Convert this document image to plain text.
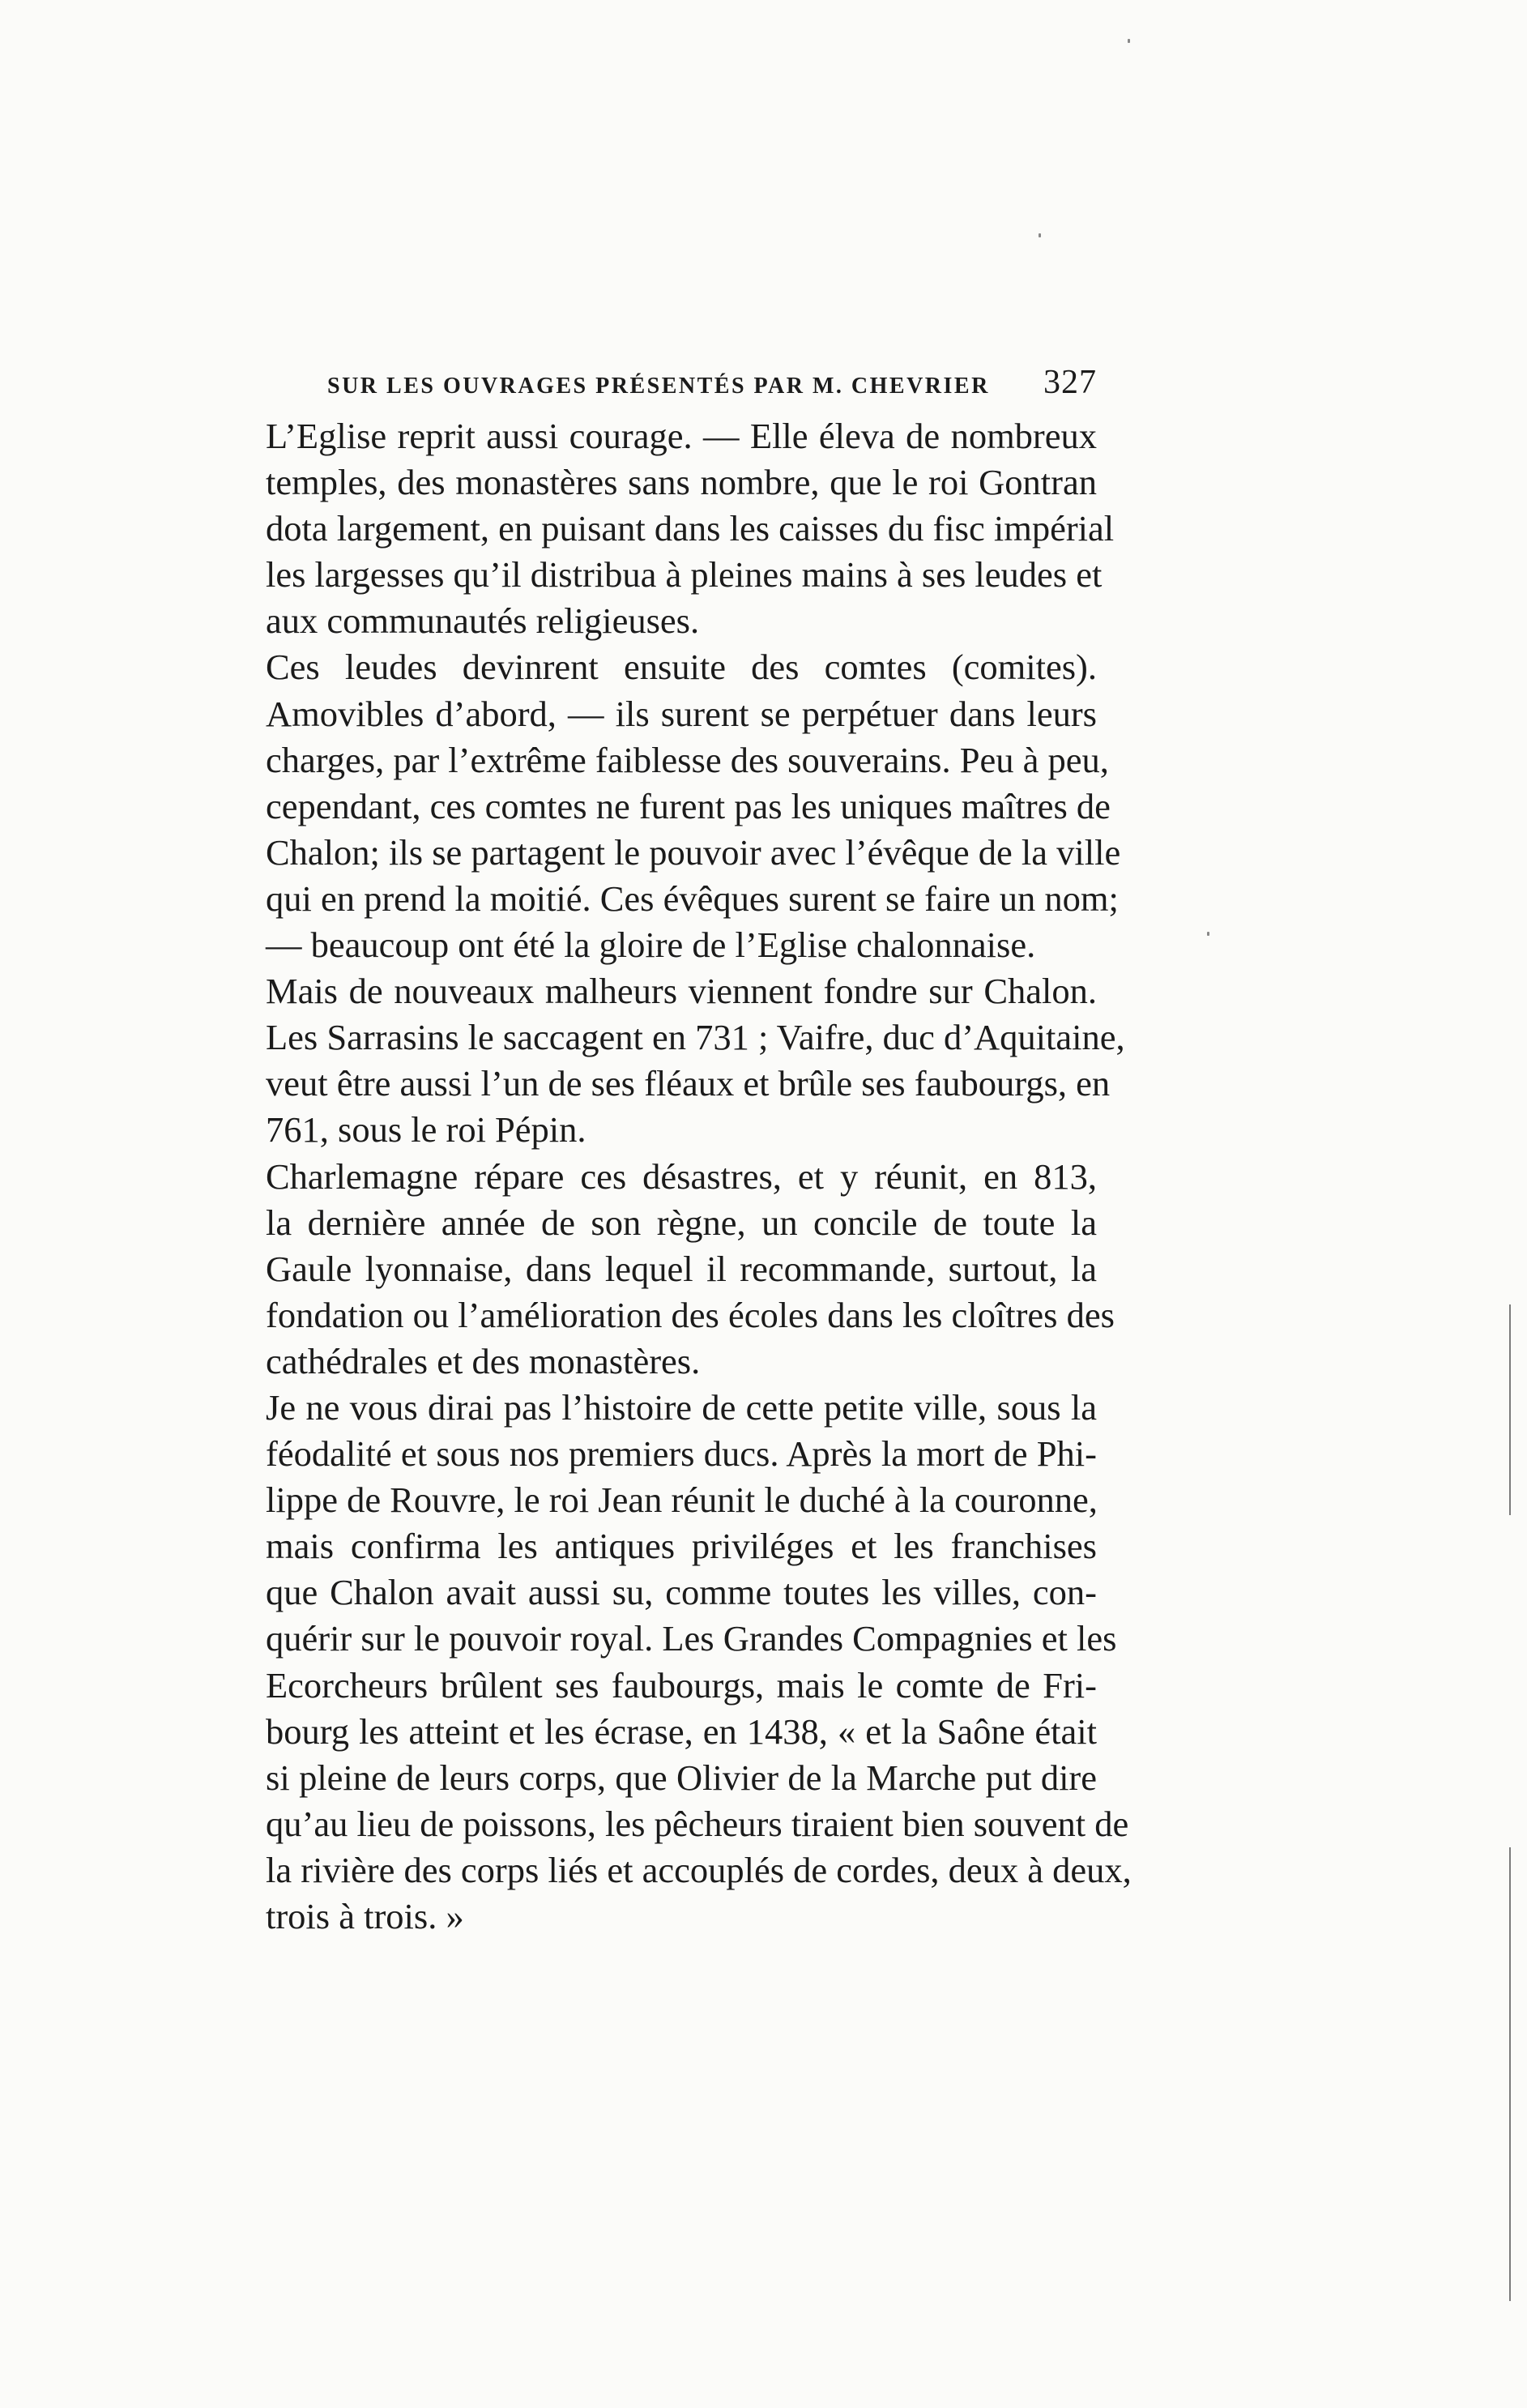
SUR LES OUVRAGES PRÉSENTÉS PAR M. CHEVRIER 327

L’Eglise reprit aussi courage. — Elle éleva de nombreux
temples, des monastères sans nombre, que le roi Gontran
dota largement, en puisant dans les caisses du fisc impérial
les largesses qu’il distribua à pleines mains à ses leudes et
aux communautés religieuses.

Ces leudes devinrent ensuite des comtes (comites).
Amovibles d’abord, — ils surent se perpétuer dans leurs
charges, par l’extrême faiblesse des souverains. Peu à peu,
cependant, ces comtes ne furent pas les uniques maîtres de
Chalon; ils se partagent le pouvoir avec l’évêque de la ville
qui en prend la moitié. Ces évêques surent se faire un nom;
— beaucoup ont été la gloire de l’Eglise chalonnaise.

Mais de nouveaux malheurs viennent fondre sur Chalon.
Les Sarrasins le saccagent en 731 ; Vaifre, duc d’Aquitaine,
veut être aussi l’un de ses fléaux et brûle ses faubourgs, en
761, sous le roi Pépin.

Charlemagne répare ces désastres, et y réunit, en 813,
la dernière année de son règne, un concile de toute la
Gaule lyonnaise, dans lequel il recommande, surtout, la
fondation ou l’amélioration des écoles dans les cloîtres des
cathédrales et des monastères.

Je ne vous dirai pas l’histoire de cette petite ville, sous la
féodalité et sous nos premiers ducs. Après la mort de Phi-
lippe de Rouvre, le roi Jean réunit le duché à la couronne,
mais confirma les antiques priviléges et les franchises
que Chalon avait aussi su, comme toutes les villes, con-
quérir sur le pouvoir royal. Les Grandes Compagnies et les
Ecorcheurs brûlent ses faubourgs, mais le comte de Fri-
bourg les atteint et les écrase, en 1438, « et la Saône était
si pleine de leurs corps, que Olivier de la Marche put dire
qu’au lieu de poissons, les pêcheurs tiraient bien souvent de
la rivière des corps liés et accouplés de cordes, deux à deux,
trois à trois. »
